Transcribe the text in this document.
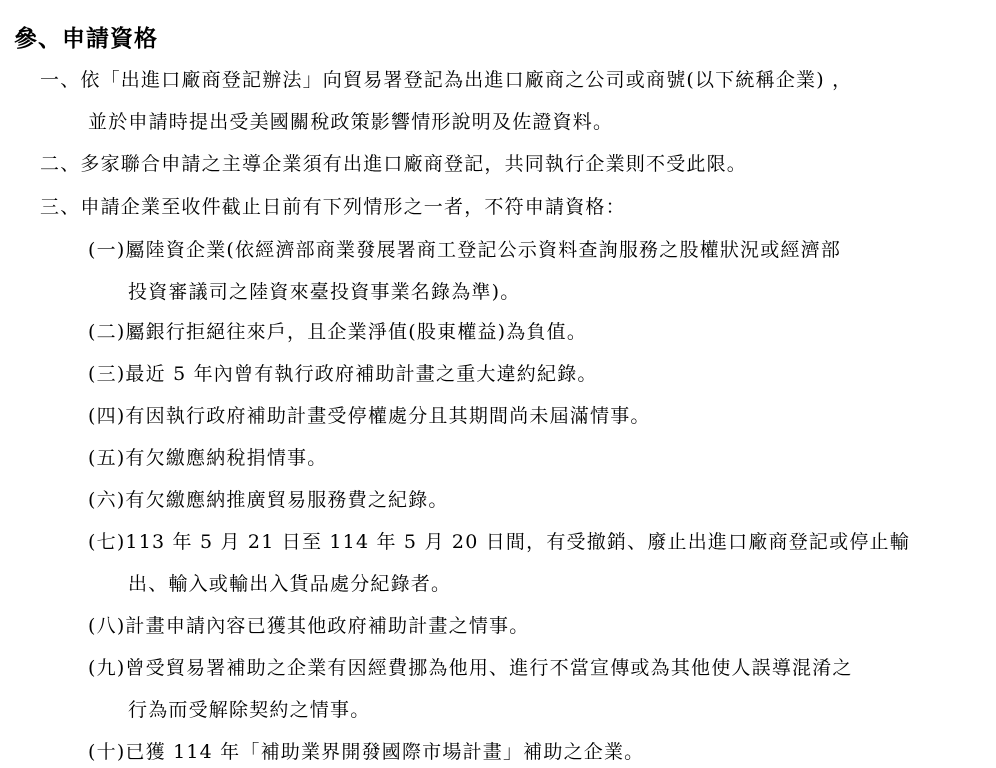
參、申請資格
一、依「出進口廠商登記辦法」向貿易署登記為出進口廠商之公司或商號(以下統稱企業) ，
並於申請時提出受美國關稅政策影響情形說明及佐證資料。
二、多家聯合申請之主導企業須有出進口廠商登記，共同執行企業則不受此限。
三、申請企業至收件截止日前有下列情形之一者，不符申請資格：
(一)屬陸資企業(依經濟部商業發展署商工登記公示資料查詢服務之股權狀況或經濟部
投資審議司之陸資來臺投資事業名錄為準)。
(二)屬銀行拒絕往來戶，且企業淨值(股東權益)為負值。
(三)最近 5 年內曾有執行政府補助計畫之重大違約紀錄。
(四)有因執行政府補助計畫受停權處分且其期間尚未屆滿情事。
(五)有欠繳應納稅捐情事。
(六)有欠繳應納推廣貿易服務費之紀錄。
(七)113 年 5 月 21 日至 114 年 5 月 20 日間，有受撤銷、廢止出進口廠商登記或停止輸
出、輸入或輸出入貨品處分紀錄者。
(八)計畫申請內容已獲其他政府補助計畫之情事。
(九)曾受貿易署補助之企業有因經費挪為他用、進行不當宣傳或為其他使人誤導混淆之
行為而受解除契約之情事。
(十)已獲 114 年「補助業界開發國際市場計畫」補助之企業。
